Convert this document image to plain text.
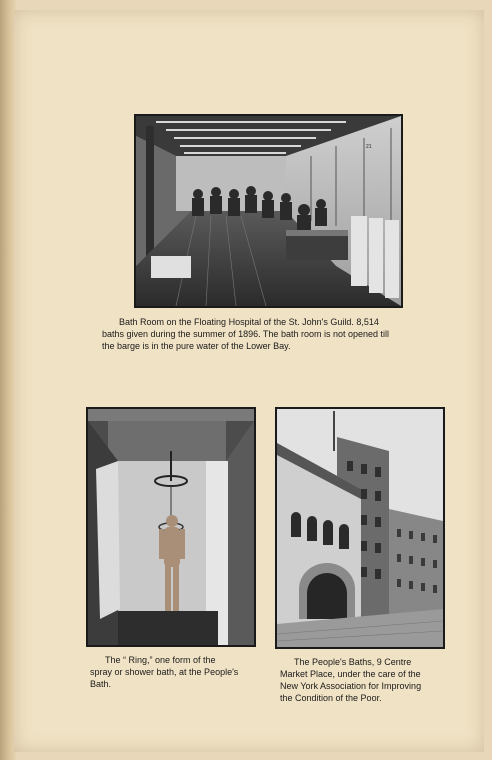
21

Bath Room on the Floating Hospital of the St. John's Guild. 8,514
baths given during the summer of 1896. The bath room is not opened till
the barge is in the pure water of the Lower Bay.

The “ Ring,” one form of the
spray or shower bath, at the People's
Bath.

The People's Baths, 9 Centre
Market Place, under the care of the
New York Association for Improving
the Condition of the Poor.
